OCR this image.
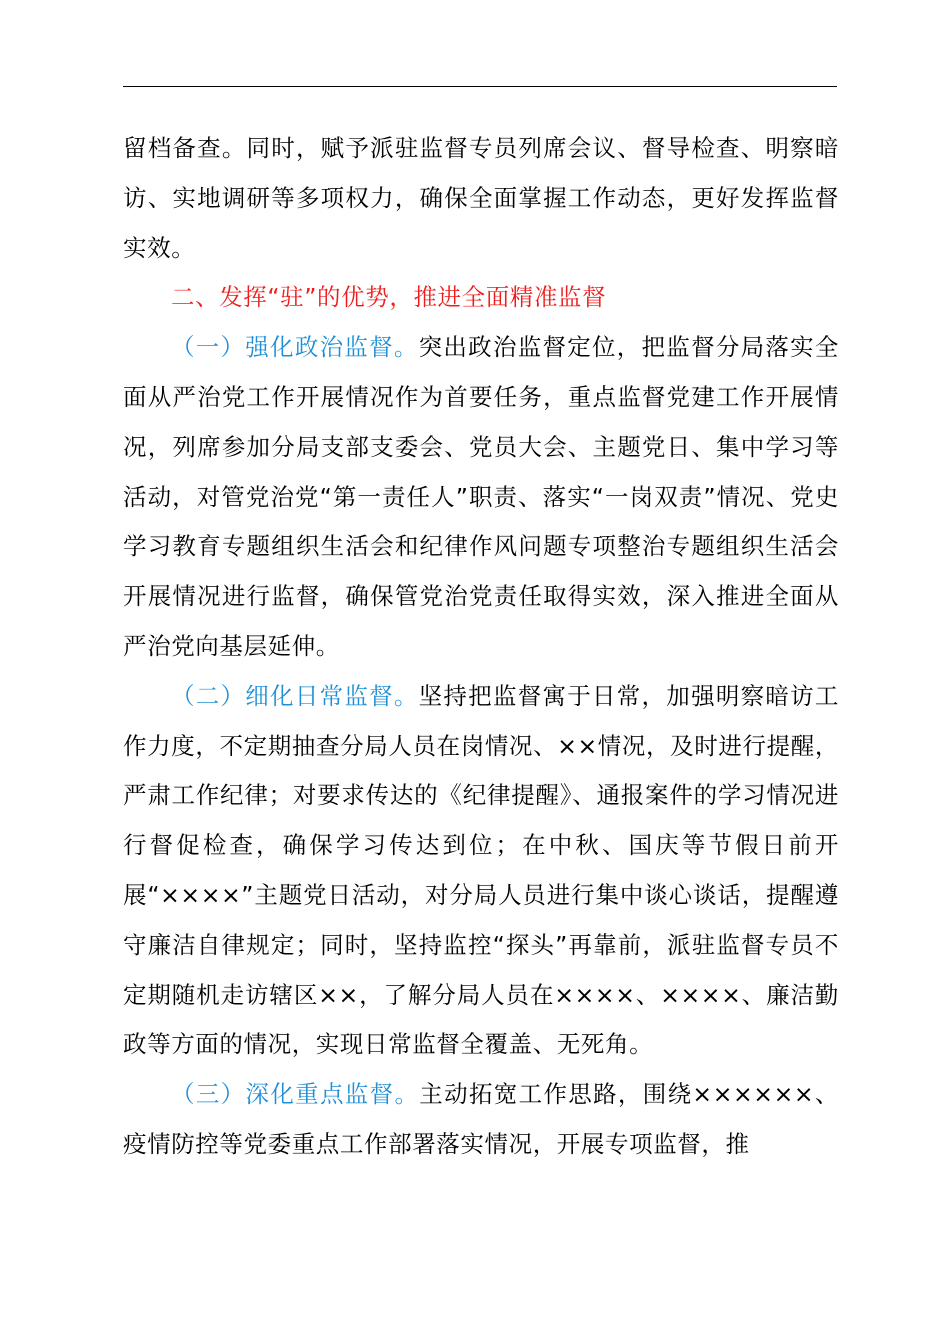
留档备查。同时，赋予派驻监督专员列席会议、督导检查、明察暗访、实地调研等多项权力，确保全面掌握工作动态，更好发挥监督实效。

二、发挥“驻”的优势，推进全面精准监督

（一）强化政治监督。突出政治监督定位，把监督分局落实全面从严治党工作开展情况作为首要任务，重点监督党建工作开展情况，列席参加分局支部支委会、党员大会、主题党日、集中学习等活动，对管党治党“第一责任人”职责、落实“一岗双责”情况、党史学习教育专题组织生活会和纪律作风问题专项整治专题组织生活会开展情况进行监督，确保管党治党责任取得实效，深入推进全面从严治党向基层延伸。

（二）细化日常监督。坚持把监督寓于日常，加强明察暗访工作力度，不定期抽查分局人员在岗情况、××情况，及时进行提醒，严肃工作纪律；对要求传达的《纪律提醒》、通报案件的学习情况进行督促检查，确保学习传达到位；在中秋、国庆等节假日前开展“××××”主题党日活动，对分局人员进行集中谈心谈话，提醒遵守廉洁自律规定；同时，坚持监控“探头”再靠前，派驻监督专员不定期随机走访辖区××，了解分局人员在××××、××××、廉洁勤政等方面的情况，实现日常监督全覆盖、无死角。

（三）深化重点监督。主动拓宽工作思路，围绕××××××、疫情防控等党委重点工作部署落实情况，开展专项监督，推
